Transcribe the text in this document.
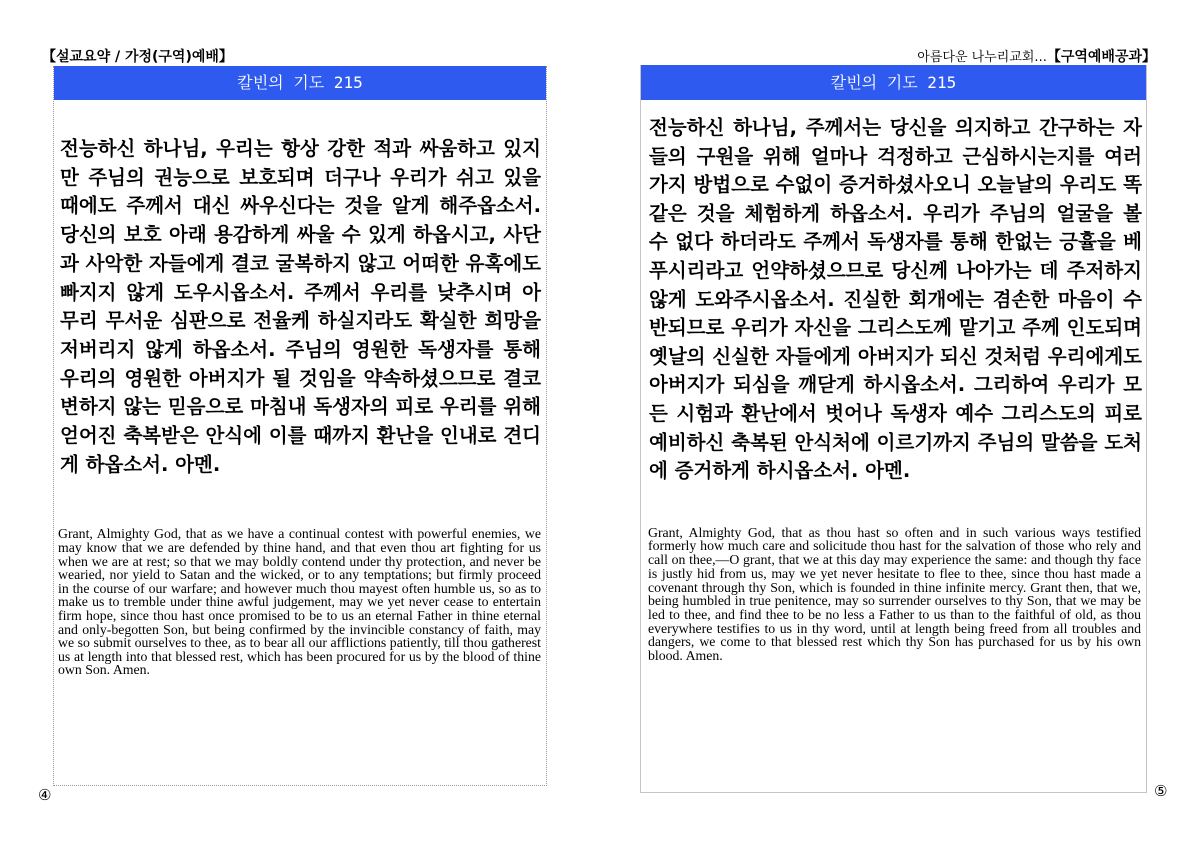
【설교요약 / 가정(구역)예배】	아름다운 나누리교회...【구역예배공과】
칼빈의 기도 215
전능하신 하나님, 우리는 항상 강한 적과 싸움하고 있지만 주님의 권능으로 보호되며 더구나 우리가 쉬고 있을 때에도 주께서 대신 싸우신다는 것을 알게 해주옵소서. 당신의 보호 아래 용감하게 싸울 수 있게 하옵시고, 사단과 사악한 자들에게 결코 굴복하지 않고 어떠한 유혹에도 빠지지 않게 도우시옵소서. 주께서 우리를 낮추시며 아무리 무서운 심판으로 전율케 하실지라도 확실한 희망을 저버리지 않게 하옵소서. 주님의 영원한 독생자를 통해 우리의 영원한 아버지가 될 것임을 약속하셨으므로 결코 변하지 않는 믿음으로 마침내 독생자의 피로 우리를 위해 얻어진 축복받은 안식에 이를 때까지 환난을 인내로 견디게 하옵소서. 아멘.
Grant, Almighty God, that as we have a continual contest with powerful enemies, we may know that we are defended by thine hand, and that even thou art fighting for us when we are at rest; so that we may boldly contend under thy protection, and never be wearied, nor yield to Satan and the wicked, or to any temptations; but firmly proceed in the course of our warfare; and however much thou mayest often humble us, so as to make us to tremble under thine awful judgement, may we yet never cease to entertain firm hope, since thou hast once promised to be to us an eternal Father in thine eternal and only-begotten Son, but being confirmed by the invincible constancy of faith, may we so submit ourselves to thee, as to bear all our afflictions patiently, till thou gatherest us at length into that blessed rest, which has been procured for us by the blood of thine own Son. Amen.
④
칼빈의 기도 215
전능하신 하나님, 주께서는 당신을 의지하고 간구하는 자들의 구원을 위해 얼마나 걱정하고 근심하시는지를 여러 가지 방법으로 수없이 증거하셨사오니 오늘날의 우리도 똑같은 것을 체험하게 하옵소서. 우리가 주님의 얼굴을 볼 수 없다 하더라도 주께서 독생자를 통해 한없는 긍휼을 베푸시리라고 언약하셨으므로 당신께 나아가는 데 주저하지 않게 도와주시옵소서. 진실한 회개에는 겸손한 마음이 수반되므로 우리가 자신을 그리스도께 맡기고 주께 인도되며 옛날의 신실한 자들에게 아버지가 되신 것처럼 우리에게도 아버지가 되심을 깨닫게 하시옵소서. 그리하여 우리가 모든 시험과 환난에서 벗어나 독생자 예수 그리스도의 피로 예비하신 축복된 안식처에 이르기까지 주님의 말씀을 도처에 증거하게 하시옵소서. 아멘.
Grant, Almighty God, that as thou hast so often and in such various ways testified formerly how much care and solicitude thou hast for the salvation of those who rely and call on thee,—O grant, that we at this day may experience the same: and though thy face is justly hid from us, may we yet never hesitate to flee to thee, since thou hast made a covenant through thy Son, which is founded in thine infinite mercy. Grant then, that we, being humbled in true penitence, may so surrender ourselves to thy Son, that we may be led to thee, and find thee to be no less a Father to us than to the faithful of old, as thou everywhere testifies to us in thy word, until at length being freed from all troubles and dangers, we come to that blessed rest which thy Son has purchased for us by his own blood. Amen.
⑤
